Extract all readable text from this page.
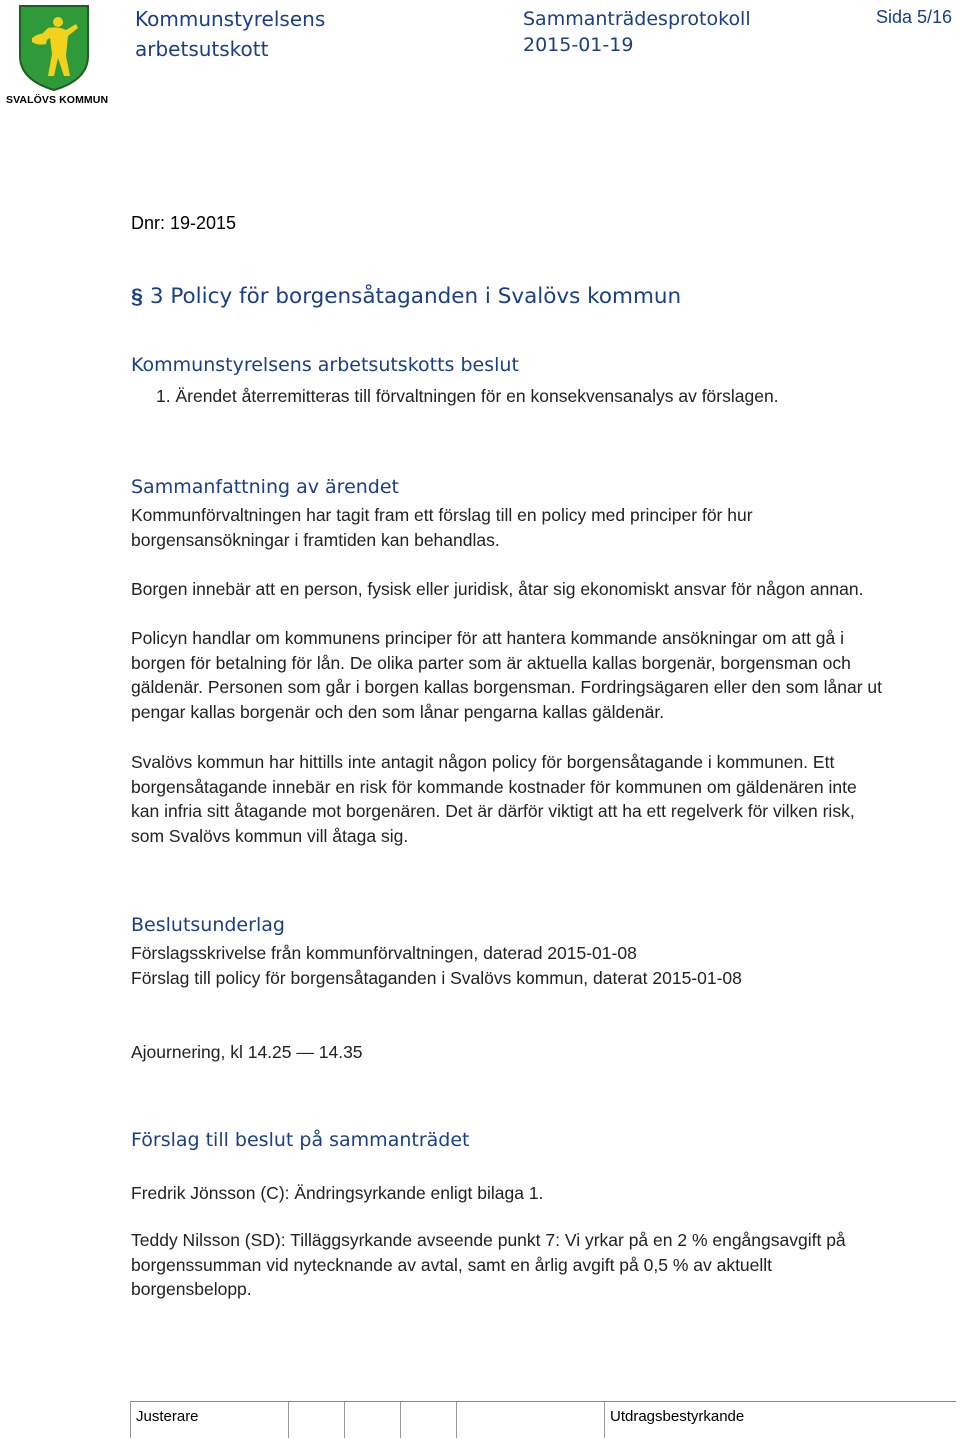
SVALÖVS KOMMUN
Kommunstyrelsens
arbetsutskott
Sammanträdesprotokoll
2015-01-19
Sida 5/16
Dnr: 19-2015
§ 3 Policy för borgensåtaganden i Svalövs kommun
Kommunstyrelsens arbetsutskotts beslut
1. Ärendet återremitteras till förvaltningen för en konsekvensanalys av förslagen.
Sammanfattning av ärendet
Kommunförvaltningen har tagit fram ett förslag till en policy med principer för hur
borgensansökningar i framtiden kan behandlas.
Borgen innebär att en person, fysisk eller juridisk, åtar sig ekonomiskt ansvar för någon annan.
Policyn handlar om kommunens principer för att hantera kommande ansökningar om att gå i
borgen för betalning för lån. De olika parter som är aktuella kallas borgenär, borgensman och
gäldenär. Personen som går i borgen kallas borgensman. Fordringsägaren eller den som lånar ut
pengar kallas borgenär och den som lånar pengarna kallas gäldenär.
Svalövs kommun har hittills inte antagit någon policy för borgensåtagande i kommunen. Ett
borgensåtagande innebär en risk för kommande kostnader för kommunen om gäldenären inte
kan infria sitt åtagande mot borgenären. Det är därför viktigt att ha ett regelverk för vilken risk,
som Svalövs kommun vill åtaga sig.
Beslutsunderlag
Förslagsskrivelse från kommunförvaltningen, daterad 2015-01-08
Förslag till policy för borgensåtaganden i Svalövs kommun, daterat 2015-01-08
Ajournering, kl 14.25 — 14.35
Förslag till beslut på sammanträdet
Fredrik Jönsson (C): Ändringsyrkande enligt bilaga 1.
Teddy Nilsson (SD): Tilläggsyrkande avseende punkt 7: Vi yrkar på en 2 % engångsavgift på
borgenssumman vid nytecknande av avtal, samt en årlig avgift på 0,5 % av aktuellt
borgensbelopp.
Justerare	Utdragsbestyrkande
